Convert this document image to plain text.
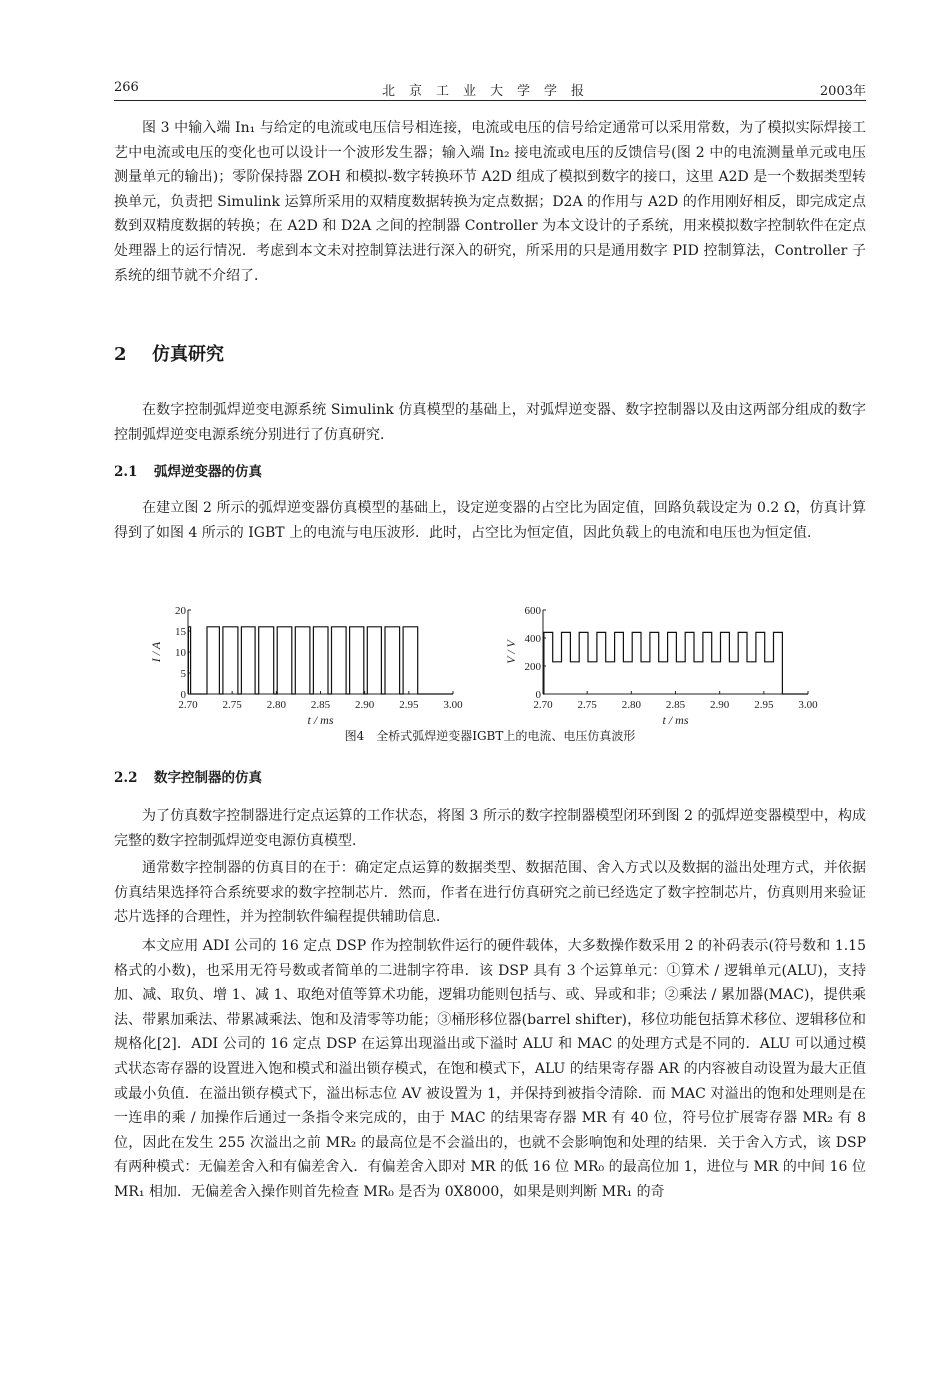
266	北京工业大学学报	2003年

图 3 中输入端 In₁ 与给定的电流或电压信号相连接，电流或电压的信号给定通常可以采用常数，为了模拟实际焊接工艺中电流或电压的变化也可以设计一个波形发生器；输入端 In₂ 接电流或电压的反馈信号(图 2 中的电流测量单元或电压测量单元的输出)；零阶保持器 ZOH 和模拟-数字转换环节 A2D 组成了模拟到数字的接口，这里 A2D 是一个数据类型转换单元，负责把 Simulink 运算所采用的双精度数据转换为定点数据；D2A 的作用与 A2D 的作用刚好相反，即完成定点数到双精度数据的转换；在 A2D 和 D2A 之间的控制器 Controller 为本文设计的子系统，用来模拟数字控制软件在定点处理器上的运行情况．考虑到本文未对控制算法进行深入的研究，所采用的只是通用数字 PID 控制算法，Controller 子系统的细节就不介绍了．

2 仿真研究

在数字控制弧焊逆变电源系统 Simulink 仿真模型的基础上，对弧焊逆变器、数字控制器以及由这两部分组成的数字控制弧焊逆变电源系统分别进行了仿真研究．

2.1 弧焊逆变器的仿真

在建立图 2 所示的弧焊逆变器仿真模型的基础上，设定逆变器的占空比为固定值，回路负载设定为 0.2 Ω，仿真计算得到了如图 4 所示的 IGBT 上的电流与电压波形．此时，占空比为恒定值，因此负载上的电流和电压也为恒定值．

0
5
10
15
20
2.70 2.75 2.80 2.85 2.90 2.95 3.00
I / A
t / ms
0
200
400
600
2.70 2.75 2.80 2.85 2.90 2.95 3.00
V / V
t / ms
图4　全桥式弧焊逆变器IGBT上的电流、电压仿真波形
2.2 数字控制器的仿真

为了仿真数字控制器进行定点运算的工作状态，将图 3 所示的数字控制器模型闭环到图 2 的弧焊逆变器模型中，构成完整的数字控制弧焊逆变电源仿真模型．

通常数字控制器的仿真目的在于：确定定点运算的数据类型、数据范围、舍入方式以及数据的溢出处理方式，并依据仿真结果选择符合系统要求的数字控制芯片．然而，作者在进行仿真研究之前已经选定了数字控制芯片，仿真则用来验证芯片选择的合理性，并为控制软件编程提供辅助信息．

本文应用 ADI 公司的 16 定点 DSP 作为控制软件运行的硬件载体，大多数操作数采用 2 的补码表示(符号数和 1.15 格式的小数)，也采用无符号数或者简单的二进制字符串．该 DSP 具有 3 个运算单元：①算术 / 逻辑单元(ALU)，支持加、减、取负、增 1、减 1、取绝对值等算术功能，逻辑功能则包括与、或、异或和非；②乘法 / 累加器(MAC)，提供乘法、带累加乘法、带累减乘法、饱和及清零等功能；③桶形移位器(barrel shifter)，移位功能包括算术移位、逻辑移位和规格化[2]．ADI 公司的 16 定点 DSP 在运算出现溢出或下溢时 ALU 和 MAC 的处理方式是不同的．ALU 可以通过模式状态寄存器的设置进入饱和模式和溢出锁存模式，在饱和模式下，ALU 的结果寄存器 AR 的内容被自动设置为最大正值或最小负值．在溢出锁存模式下，溢出标志位 AV 被设置为 1，并保持到被指令清除．而 MAC 对溢出的饱和处理则是在一连串的乘 / 加操作后通过一条指令来完成的，由于 MAC 的结果寄存器 MR 有 40 位，符号位扩展寄存器 MR₂ 有 8 位，因此在发生 255 次溢出之前 MR₂ 的最高位是不会溢出的，也就不会影响饱和处理的结果．关于舍入方式，该 DSP 有两种模式：无偏差舍入和有偏差舍入．有偏差舍入即对 MR 的低 16 位 MR₀ 的最高位加 1，进位与 MR 的中间 16 位 MR₁ 相加．无偏差舍入操作则首先检查 MR₀ 是否为 0X8000，如果是则判断 MR₁ 的奇
